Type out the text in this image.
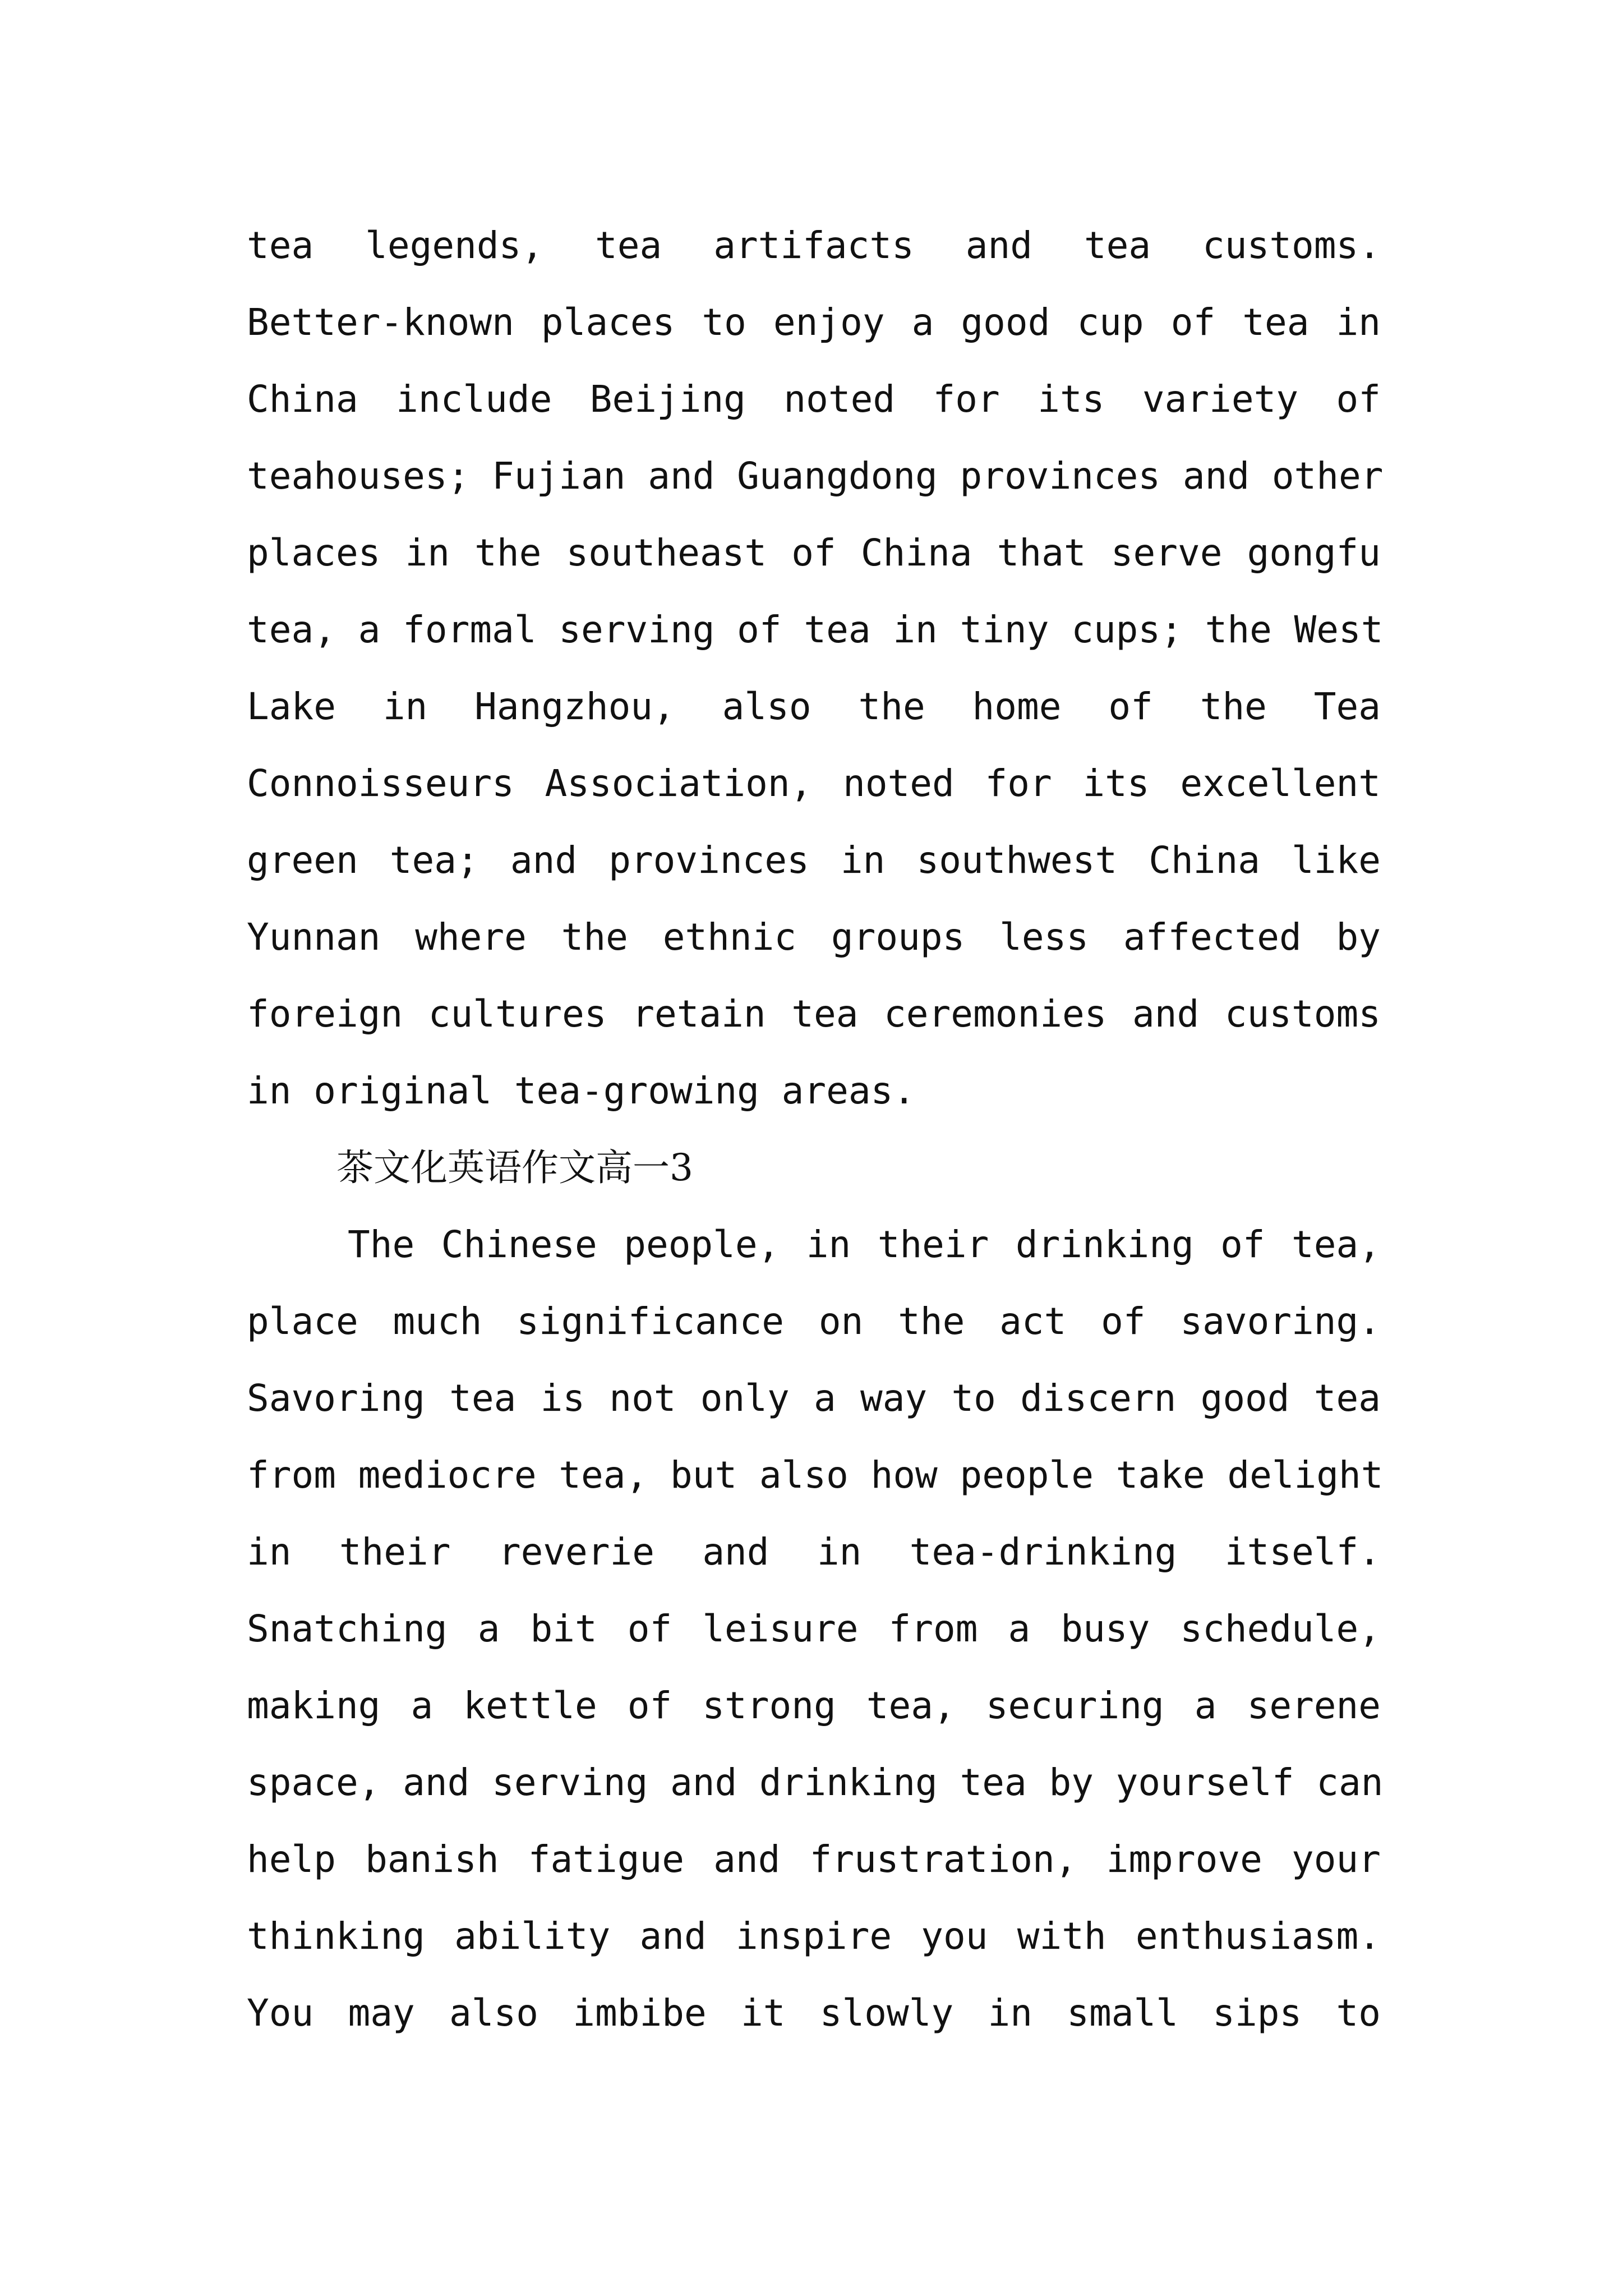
tea legends, tea artifacts and tea customs.
Better-known places to enjoy a good cup of tea in
China include Beijing noted for its variety of
teahouses; Fujian and Guangdong provinces and other
places in the southeast of China that serve gongfu
tea, a formal serving of tea in tiny cups; the West
Lake in Hangzhou, also the home of the Tea
Connoisseurs Association, noted for its excellent
green tea; and provinces in southwest China like
Yunnan where the ethnic groups less affected by
foreign cultures retain tea ceremonies and customs
in original tea-growing areas.
茶文化英语作文高一3
The Chinese people, in their drinking of tea,
place much significance on the act of savoring.
Savoring tea is not only a way to discern good tea
from mediocre tea, but also how people take delight
in their reverie and in tea-drinking itself.
Snatching a bit of leisure from a busy schedule,
making a kettle of strong tea, securing a serene
space, and serving and drinking tea by yourself can
help banish fatigue and frustration, improve your
thinking ability and inspire you with enthusiasm.
You may also imbibe it slowly in small sips to
